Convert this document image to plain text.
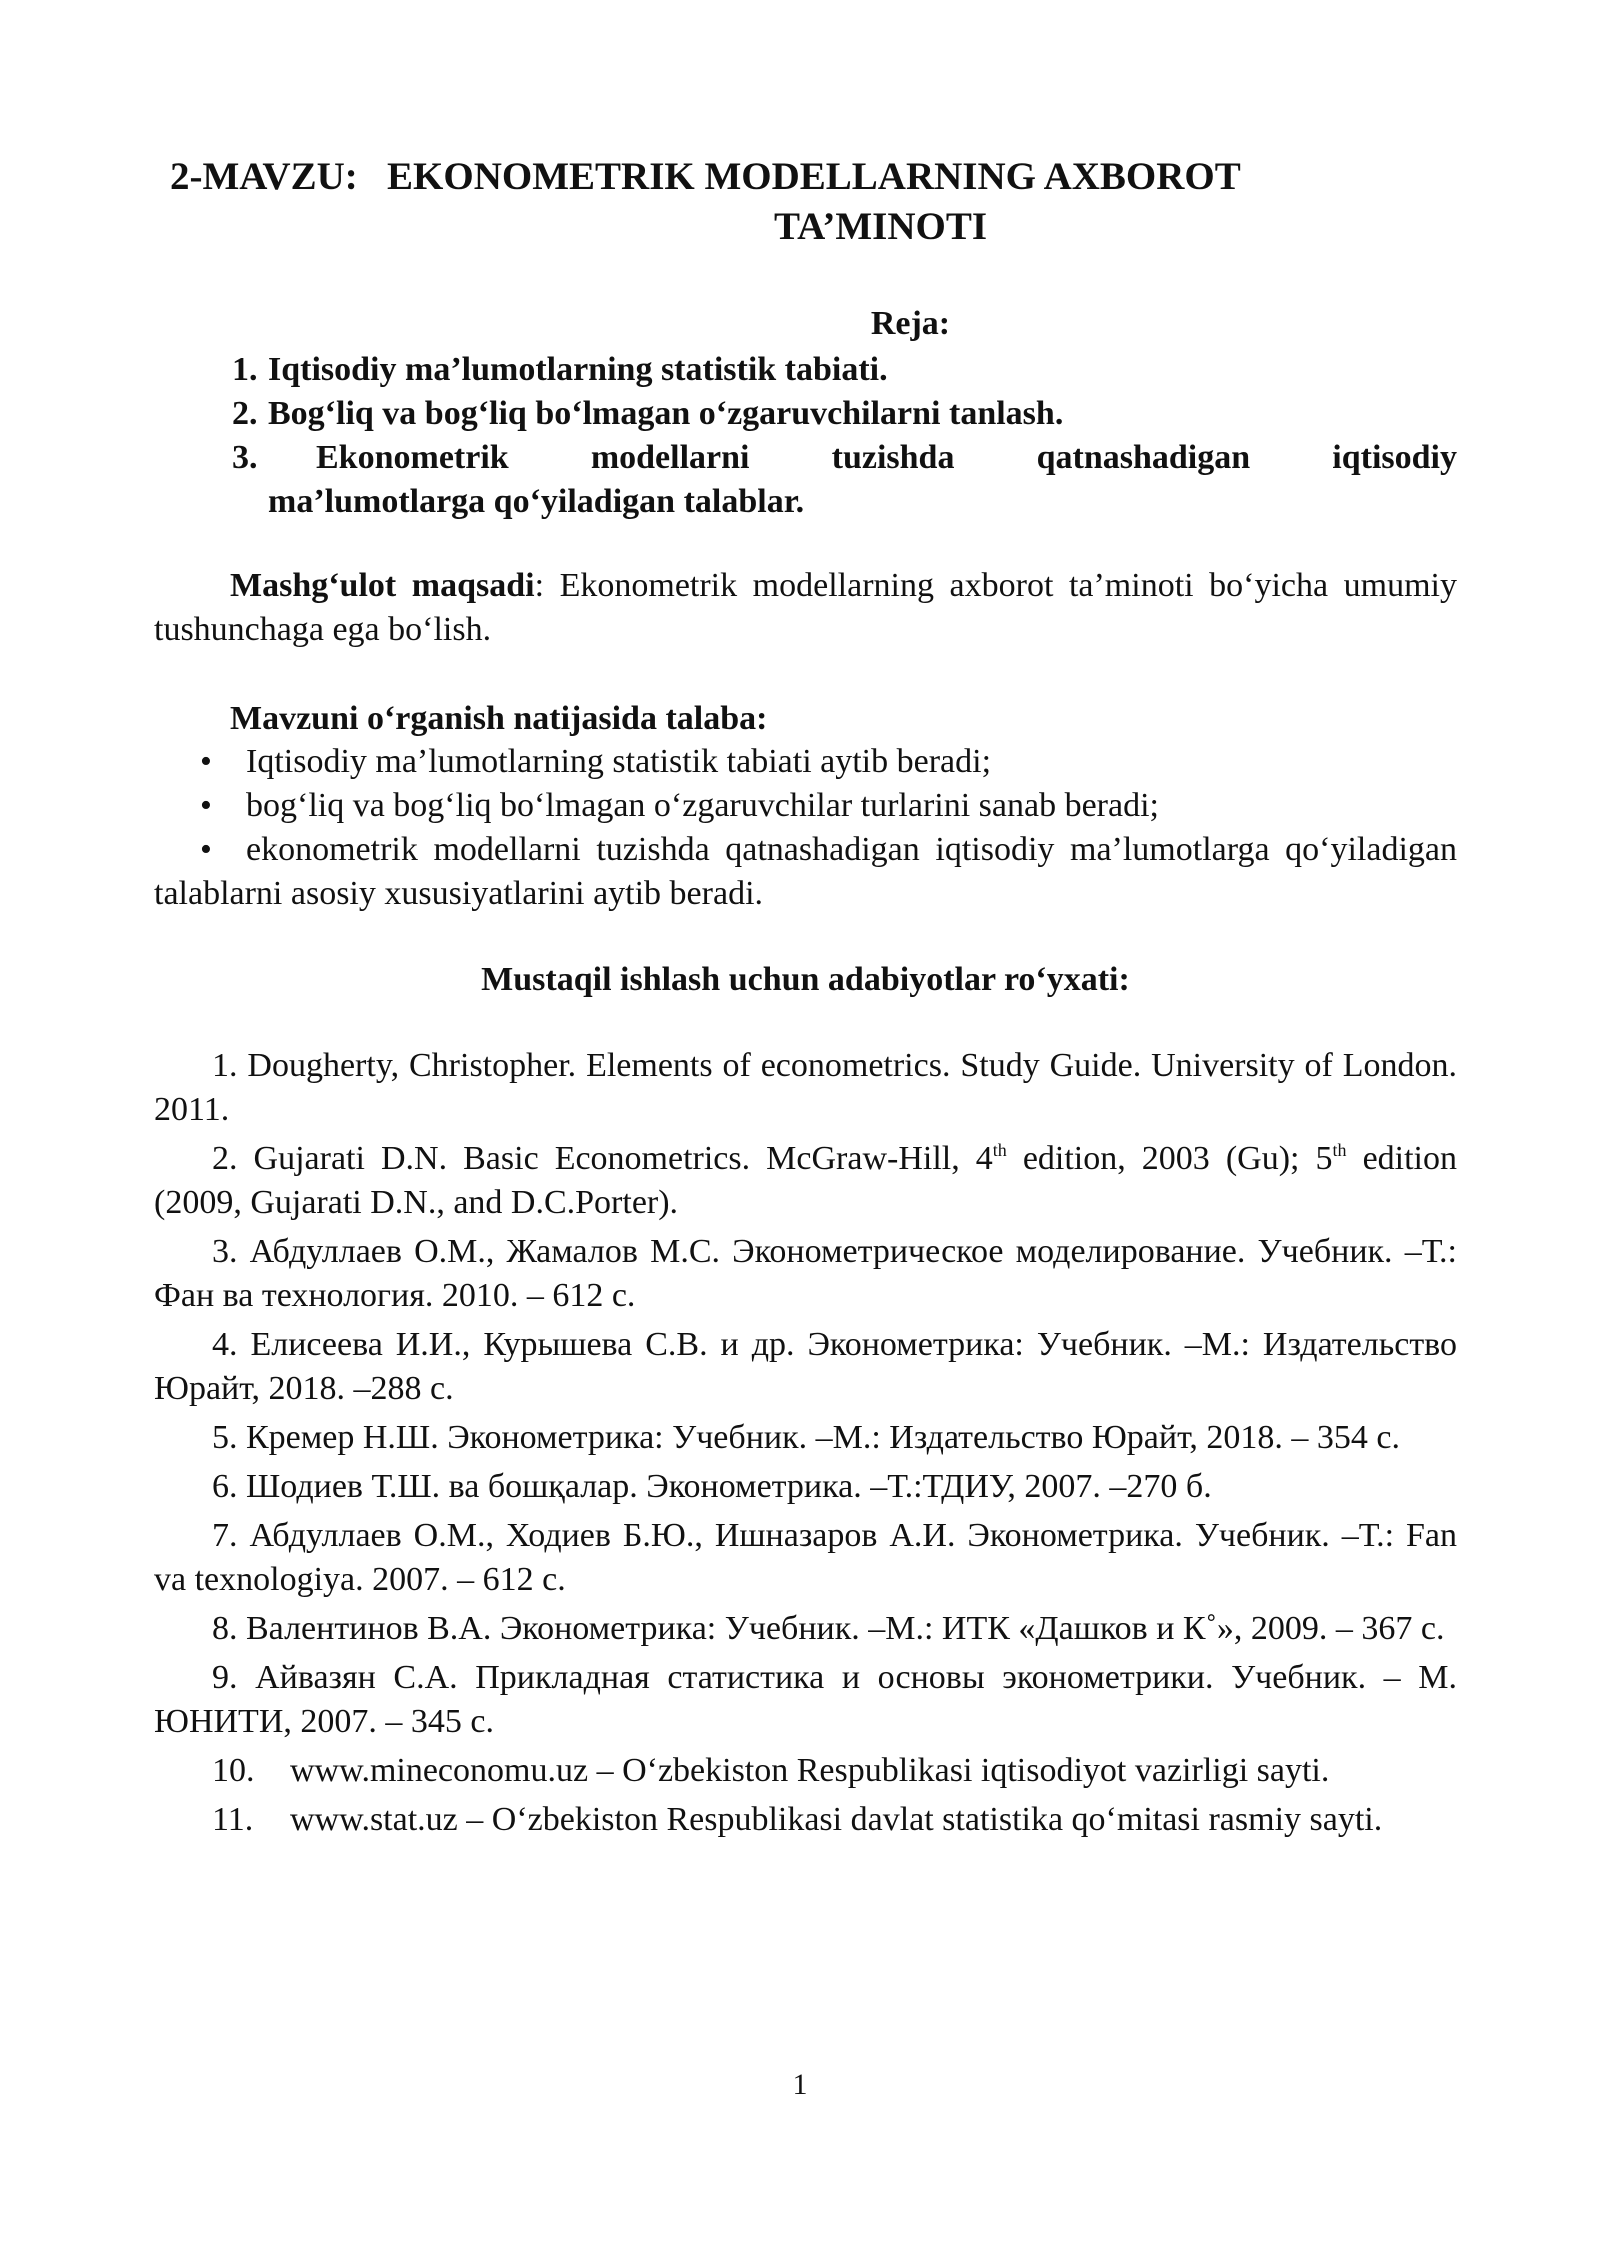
2-MAVZU: EKONOMETRIK MODELLARNING AXBOROT
TA’MINOTI

Reja:

1. Iqtisodiy ma’lumotlarning statistik tabiati.
2. Bog‘liq va bog‘liq bo‘lmagan o‘zgaruvchilarni tanlash.
3.	Ekonometrik modellarni tuzishda qatnashadigan iqtisodiy
ma’lumotlarga qo‘yiladigan talablar.

Mashg‘ulot maqsadi: Ekonometrik modellarning axborot ta’minoti bo‘yicha umumiy tushunchaga ega bo‘lish.

Mavzuni o‘rganish natijasida talaba:

•	Iqtisodiy ma’lumotlarning statistik tabiati aytib beradi;
•	bog‘liq va bog‘liq bo‘lmagan o‘zgaruvchilar turlarini sanab beradi;
• ekonometrik modellarni tuzishda qatnashadigan iqtisodiy ma’lumotlarga qo‘yiladigan talablarni asosiy xususiyatlarini aytib beradi.

Mustaqil ishlash uchun adabiyotlar ro‘yxati:

1. Dougherty, Christopher. Elements of econometrics. Study Guide. University of London. 2011.
2. Gujarati D.N. Basic Econometrics. McGraw-Hill, 4th edition, 2003 (Gu); 5th edition (2009, Gujarati D.N., and D.C.Porter).
3. Абдуллаев О.М., Жамалов М.С. Эконометрическое моделирование. Учебник. –Т.: Фан ва технология. 2010. – 612 с.
4. Елисеева И.И., Курышева С.В. и др. Эконометрика: Учебник. –М.: Издательство Юрайт, 2018. –288 с.
5. Кремер Н.Ш. Эконометрика: Учебник. –М.: Издательство Юрайт, 2018. – 354 с.
6. Шодиев Т.Ш. ва бошқалар. Эконометрика. –Т.:ТДИУ, 2007. –270 б.
7. Абдуллаев О.М., Ходиев Б.Ю., Ишназаров А.И. Эконометрика. Учебник. –Т.: Fan va texnologiya. 2007. – 612 с.
8. Валентинов В.А. Эконометрика: Учебник. –М.: ИТК «Дашков и К˚», 2009. – 367 с.
9. Айвазян С.А. Прикладная статистика и основы эконометрики. Учебник. – М. ЮНИТИ, 2007. – 345 с.
10. www.mineconomu.uz – O‘zbekiston Respublikasi iqtisodiyot vazirligi sayti.
11. www.stat.uz – O‘zbekiston Respublikasi davlat statistika qo‘mitasi rasmiy sayti.

1
